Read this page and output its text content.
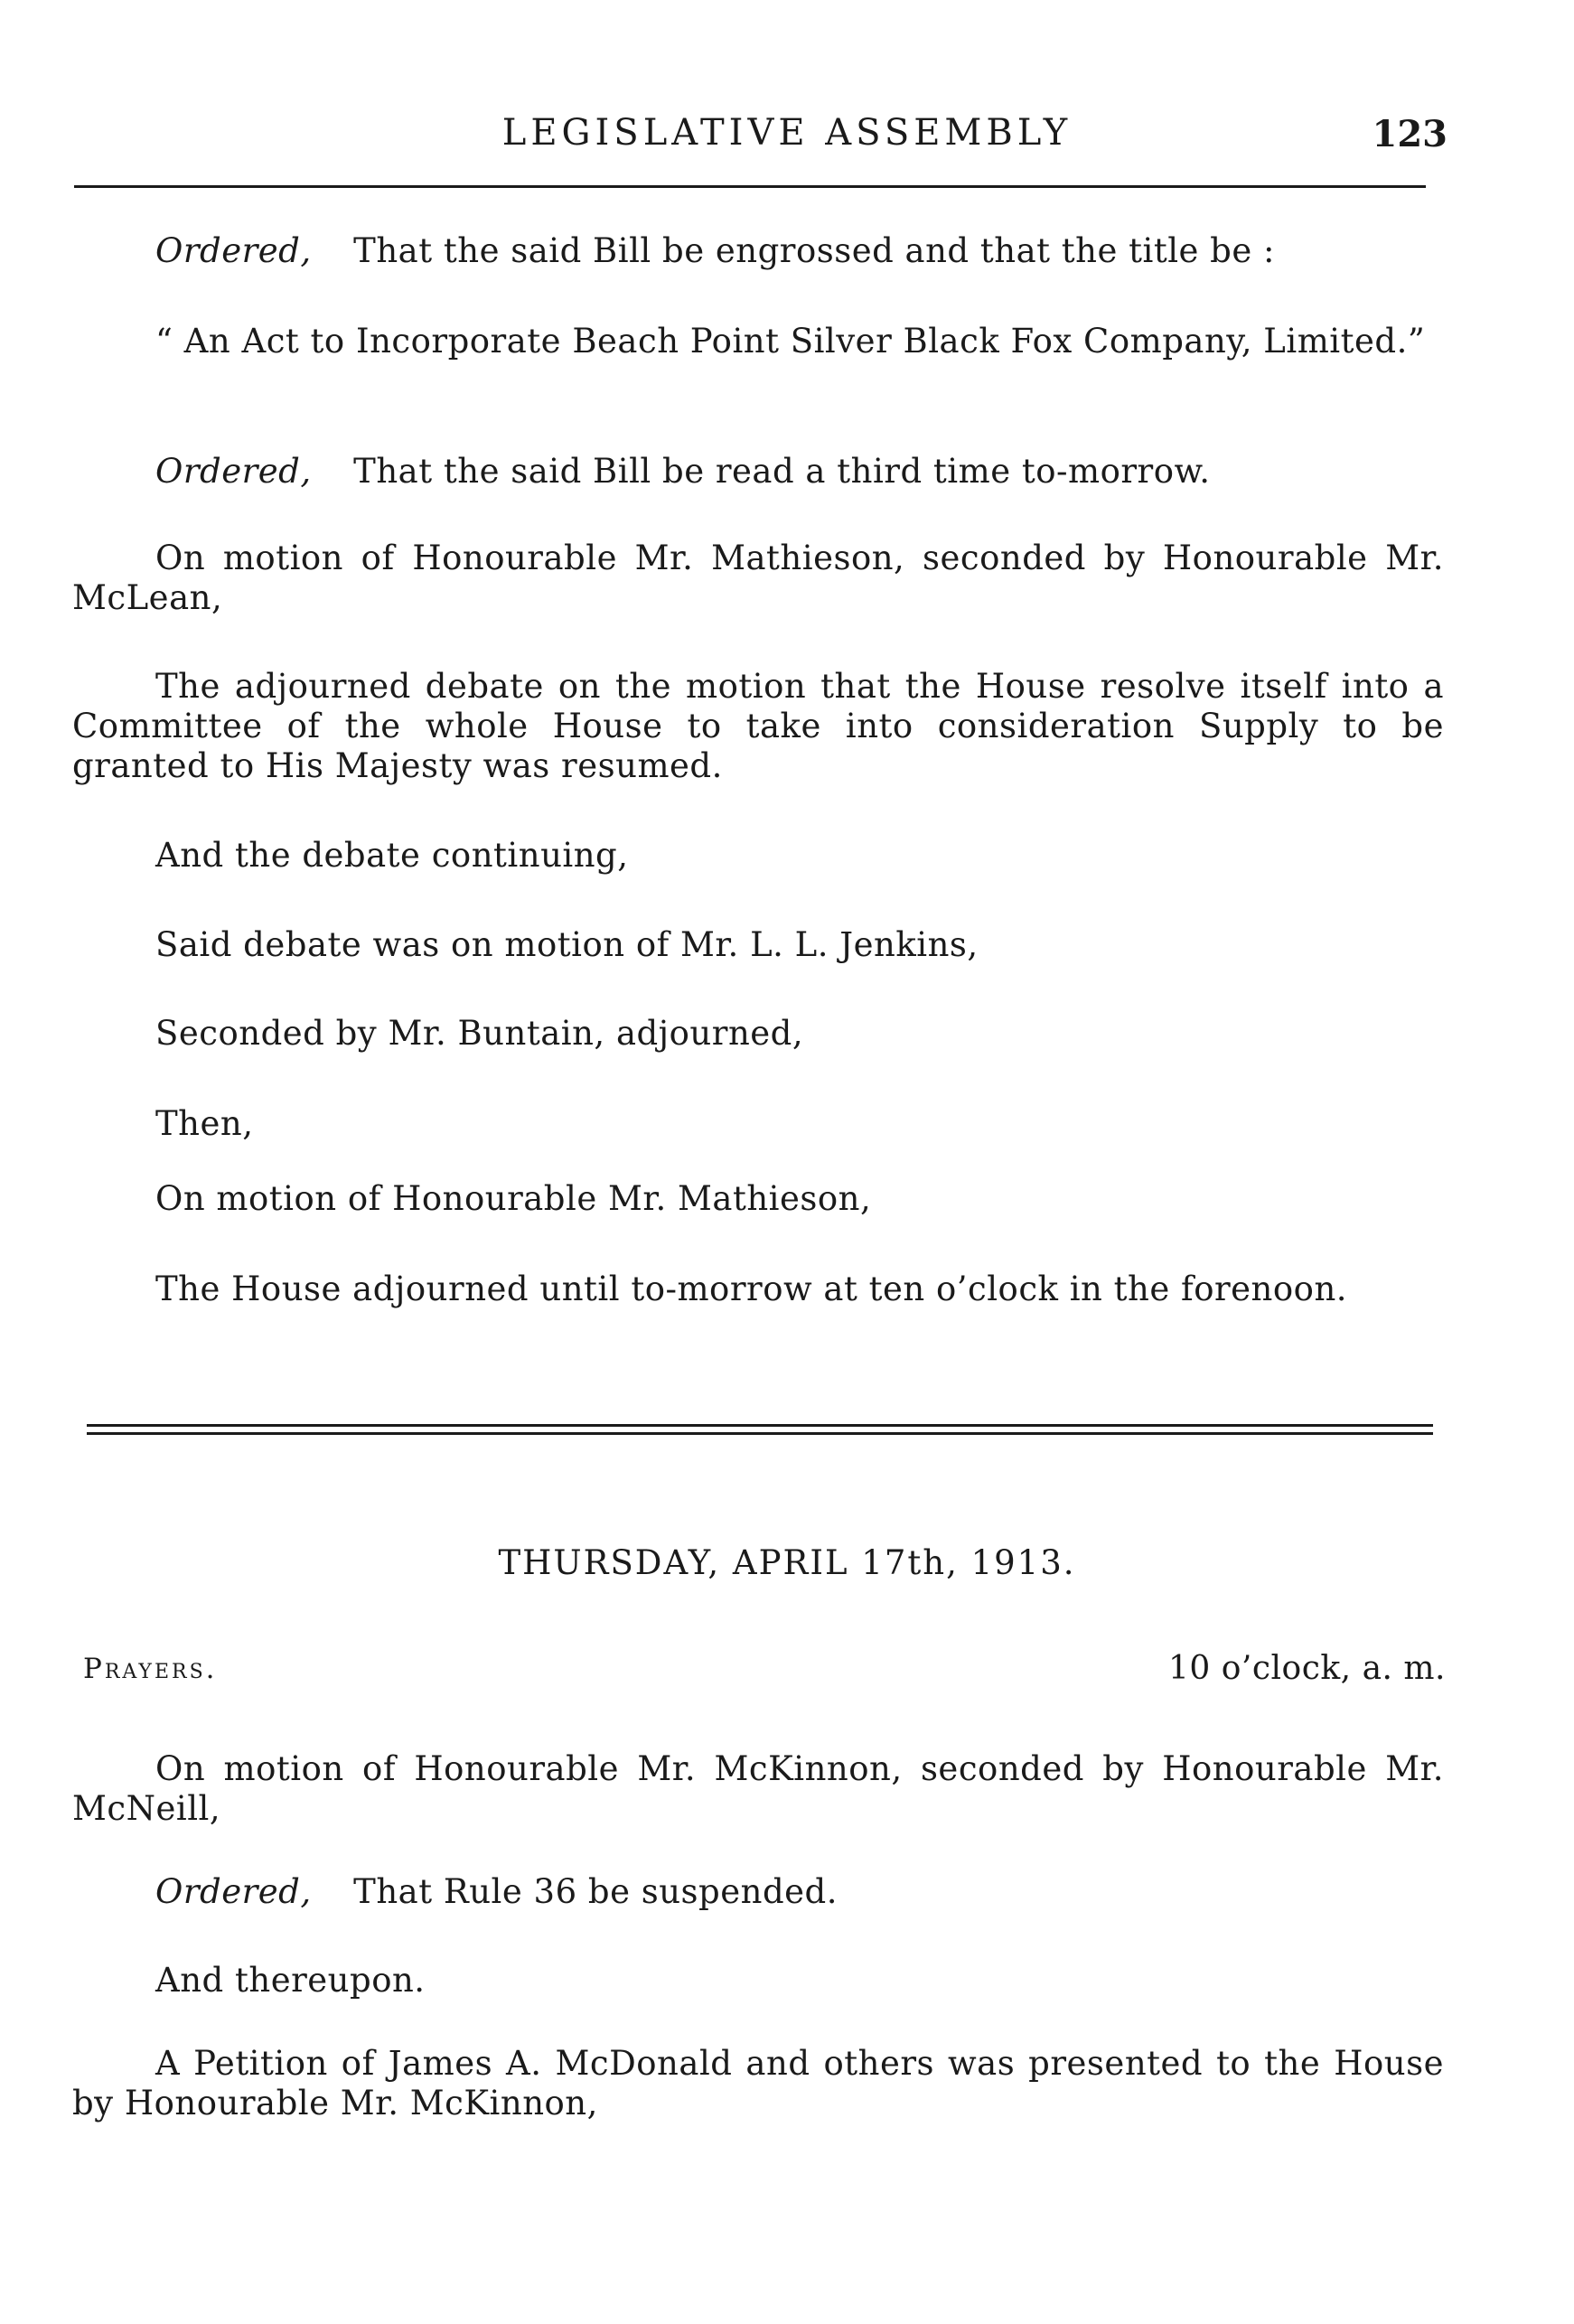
LEGISLATIVE ASSEMBLY	123
Ordered, That the said Bill be engrossed and that the title be :
“ An Act to Incorporate Beach Point Silver Black Fox Company, Limited.”
Ordered, That the said Bill be read a third time to-morrow.
On motion of Honourable Mr. Mathieson, seconded by Honourable Mr. McLean,
The adjourned debate on the motion that the House resolve itself into a Committee of the whole House to take into consideration Supply to be granted to His Majesty was resumed.
And the debate continuing,
Said debate was on motion of Mr. L. L. Jenkins,
Seconded by Mr. Buntain, adjourned,
Then,
On motion of Honourable Mr. Mathieson,
The House adjourned until to-morrow at ten o’clock in the forenoon.
THURSDAY, APRIL 17th, 1913.
Prayers.	10 o’clock, a. m.
On motion of Honourable Mr. McKinnon, seconded by Honourable Mr. McNeill,
Ordered, That Rule 36 be suspended.
And thereupon.
A Petition of James A. McDonald and others was presented to the House by Honourable Mr. McKinnon,
